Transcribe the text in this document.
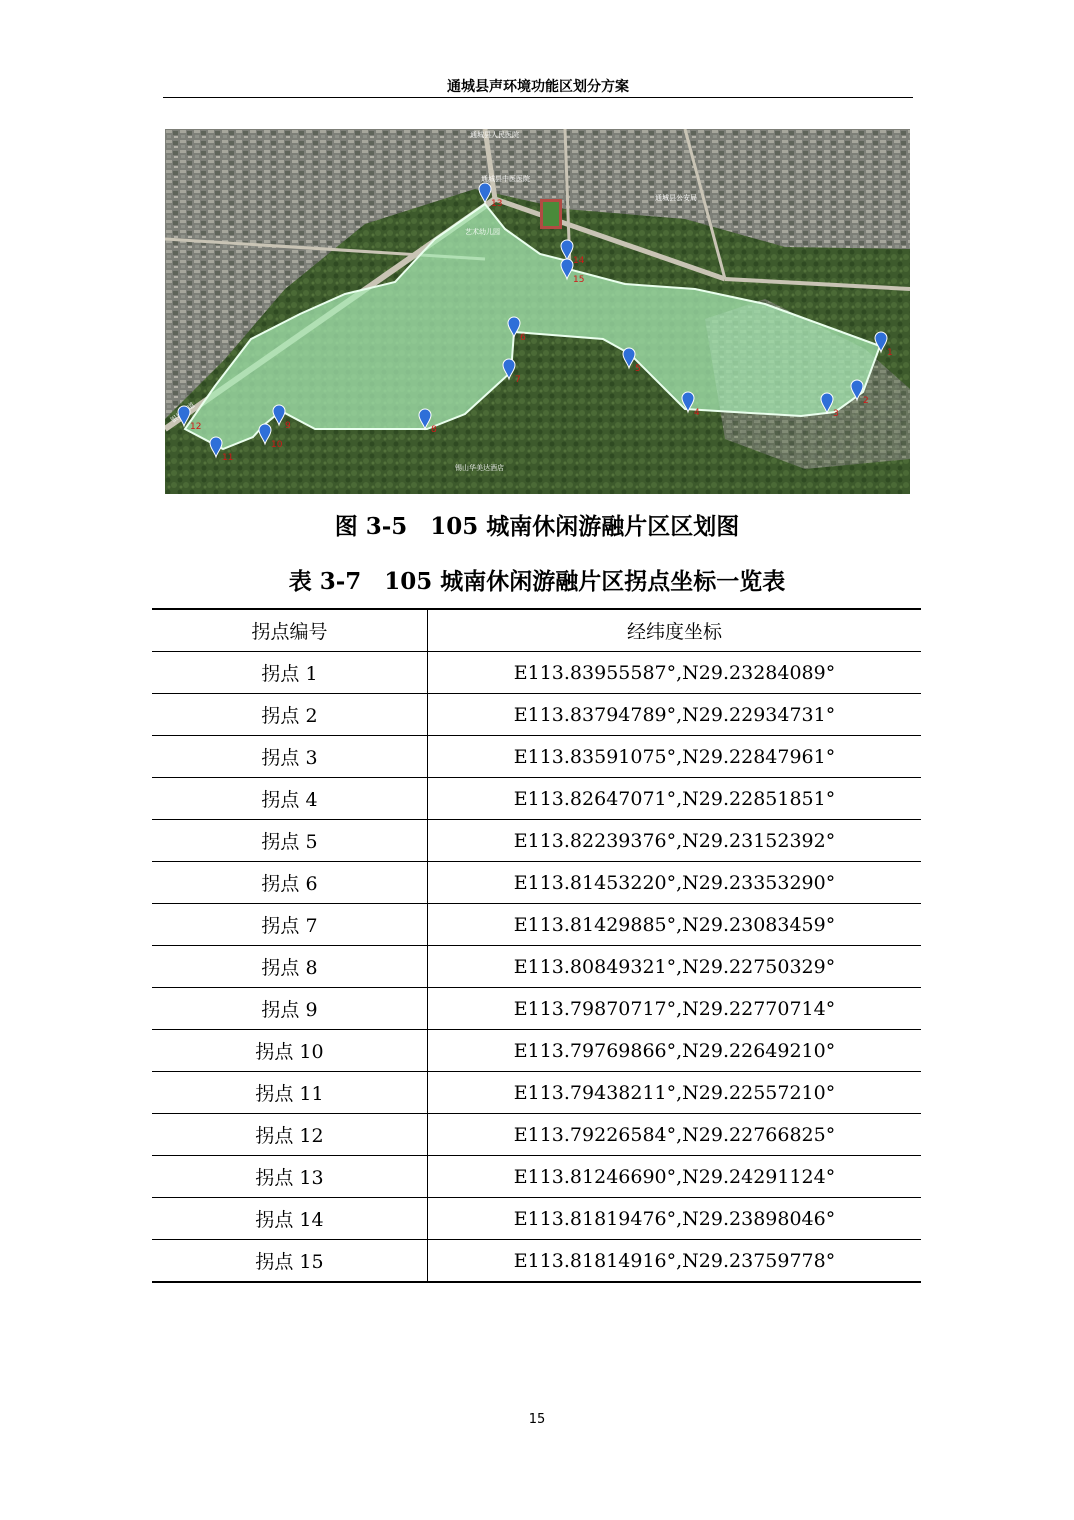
通城县声环境功能区划分方案
通城县中医医院
通城县公安局
锡山华美达酒店
通城县人民医院
艺术幼儿园
1
2
3
4
5
6
7
8
9
10
11
12
13
14
15
图 3-5　105 城南休闲游融片区区划图
表 3-7　105 城南休闲游融片区拐点坐标一览表
拐点编号	经纬度坐标
拐点 1	E113.83955587°,N29.23284089°
拐点 2	E113.83794789°,N29.22934731°
拐点 3	E113.83591075°,N29.22847961°
拐点 4	E113.82647071°,N29.22851851°
拐点 5	E113.82239376°,N29.23152392°
拐点 6	E113.81453220°,N29.23353290°
拐点 7	E113.81429885°,N29.23083459°
拐点 8	E113.80849321°,N29.22750329°
拐点 9	E113.79870717°,N29.22770714°
拐点 10	E113.79769866°,N29.22649210°
拐点 11	E113.79438211°,N29.22557210°
拐点 12	E113.79226584°,N29.22766825°
拐点 13	E113.81246690°,N29.24291124°
拐点 14	E113.81819476°,N29.23898046°
拐点 15	E113.81814916°,N29.23759778°
15
